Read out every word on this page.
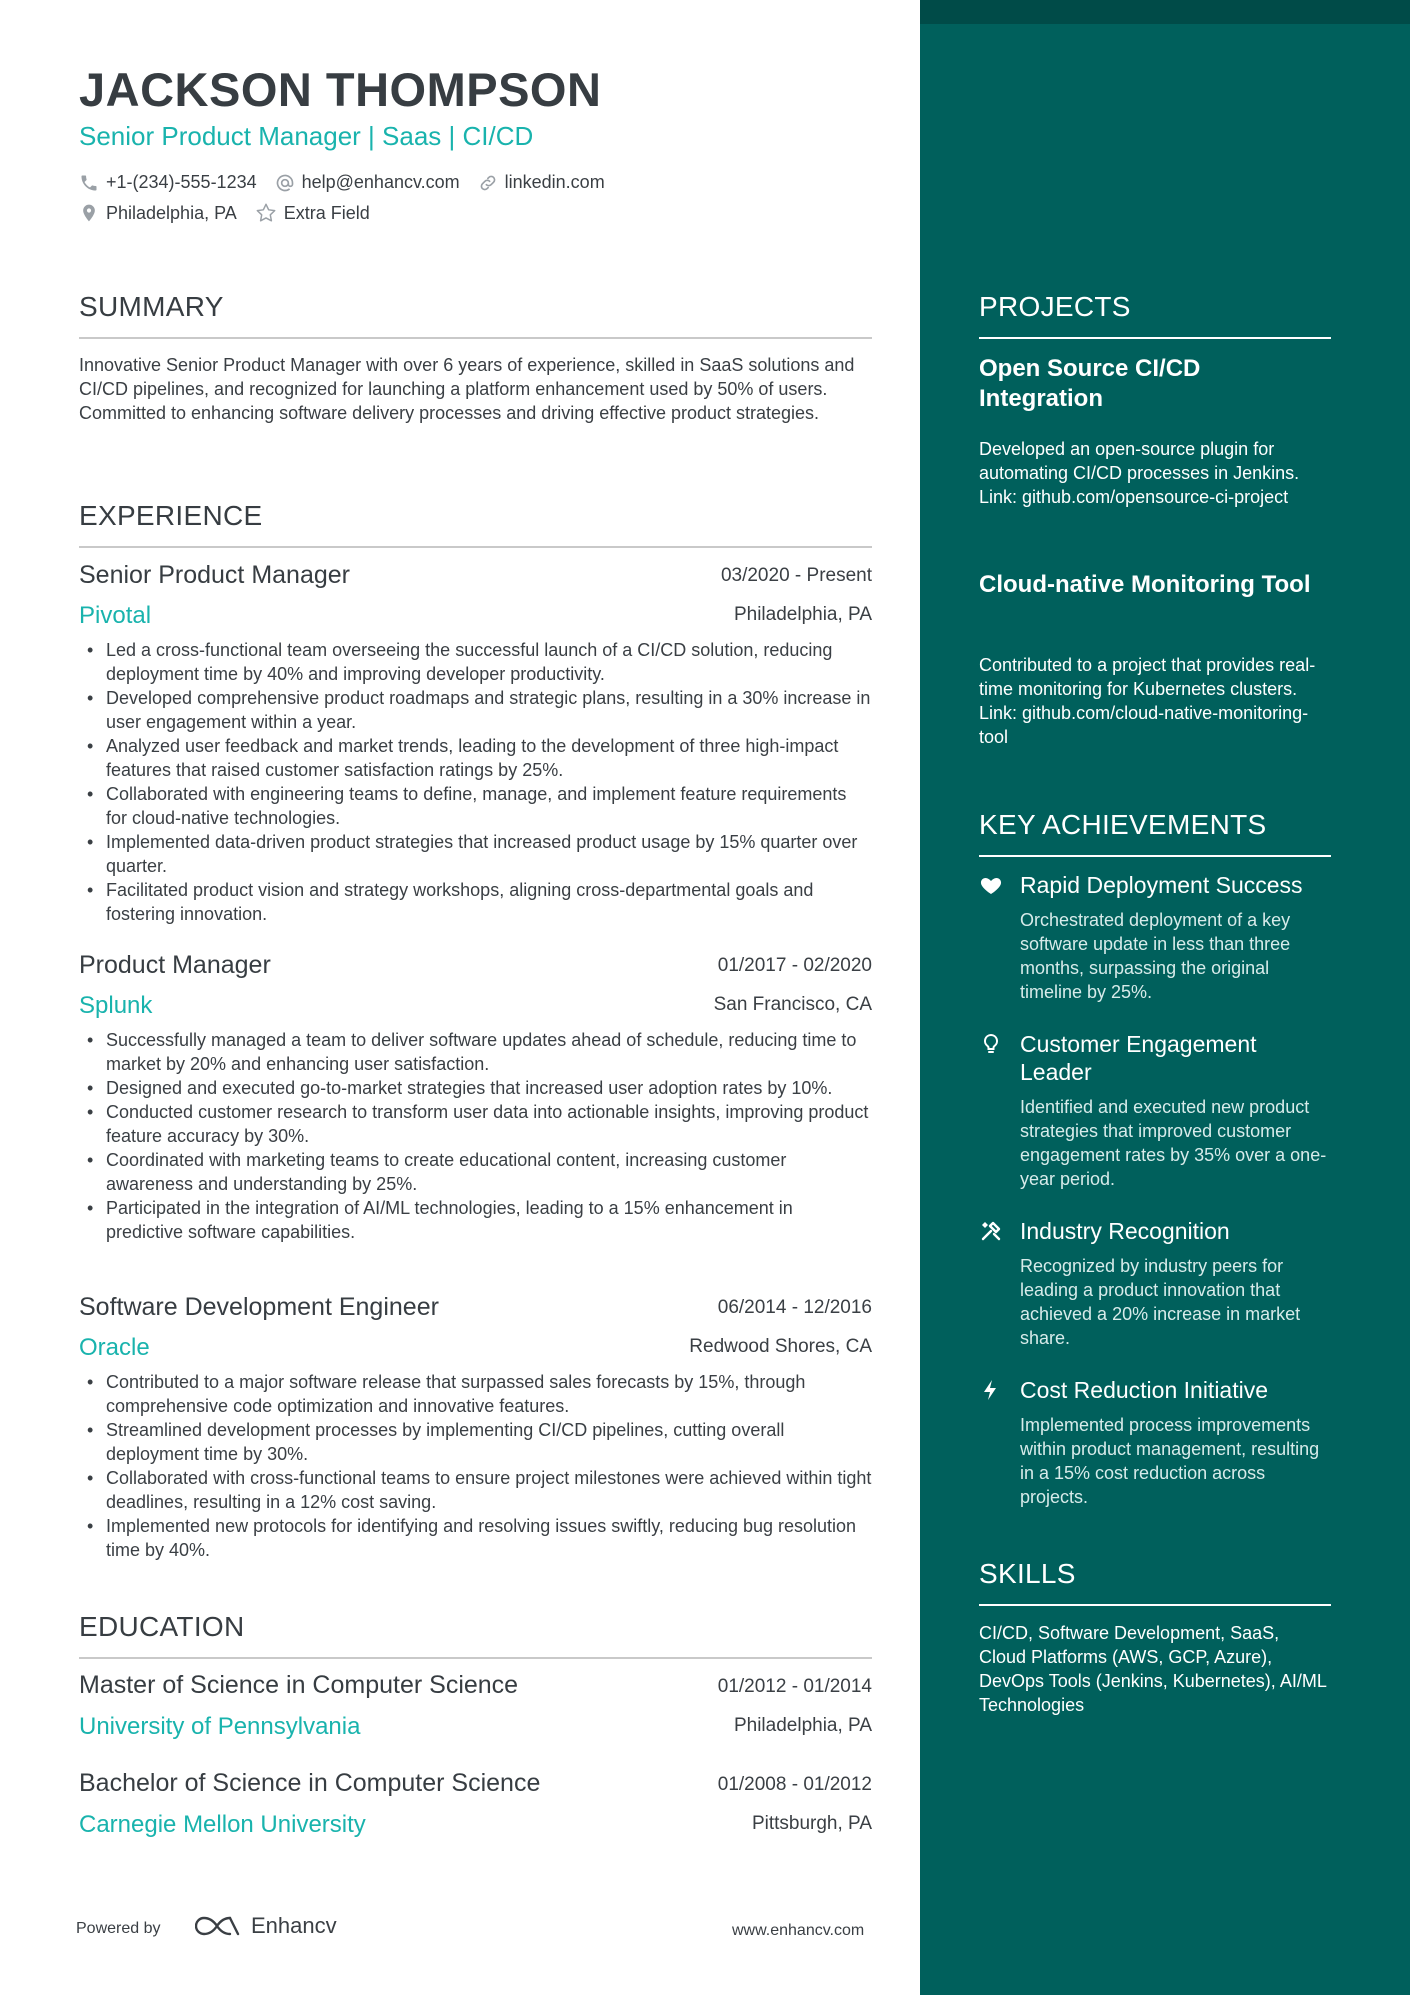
JACKSON THOMPSON
Senior Product Manager | Saas | CI/CD
+1-(234)-555-1234	help@enhancv.com	linkedin.com
Philadelphia, PA	Extra Field
SUMMARY
Innovative Senior Product Manager with over 6 years of experience, skilled in SaaS solutions and CI/CD pipelines, and recognized for launching a platform enhancement used by 50% of users. Committed to enhancing software delivery processes and driving effective product strategies.
EXPERIENCE
Senior Product Manager	03/2020 - Present
Pivotal	Philadelphia, PA
• Led a cross-functional team overseeing the successful launch of a CI/CD solution, reducing deployment time by 40% and improving developer productivity.
• Developed comprehensive product roadmaps and strategic plans, resulting in a 30% increase in user engagement within a year.
• Analyzed user feedback and market trends, leading to the development of three high-impact features that raised customer satisfaction ratings by 25%.
• Collaborated with engineering teams to define, manage, and implement feature requirements for cloud-native technologies.
• Implemented data-driven product strategies that increased product usage by 15% quarter over quarter.
• Facilitated product vision and strategy workshops, aligning cross-departmental goals and fostering innovation.
Product Manager	01/2017 - 02/2020
Splunk	San Francisco, CA
• Successfully managed a team to deliver software updates ahead of schedule, reducing time to market by 20% and enhancing user satisfaction.
• Designed and executed go-to-market strategies that increased user adoption rates by 10%.
• Conducted customer research to transform user data into actionable insights, improving product feature accuracy by 30%.
• Coordinated with marketing teams to create educational content, increasing customer awareness and understanding by 25%.
• Participated in the integration of AI/ML technologies, leading to a 15% enhancement in predictive software capabilities.
Software Development Engineer	06/2014 - 12/2016
Oracle	Redwood Shores, CA
• Contributed to a major software release that surpassed sales forecasts by 15%, through comprehensive code optimization and innovative features.
• Streamlined development processes by implementing CI/CD pipelines, cutting overall deployment time by 30%.
• Collaborated with cross-functional teams to ensure project milestones were achieved within tight deadlines, resulting in a 12% cost saving.
• Implemented new protocols for identifying and resolving issues swiftly, reducing bug resolution time by 40%.
EDUCATION
Master of Science in Computer Science	01/2012 - 01/2014
University of Pennsylvania	Philadelphia, PA
Bachelor of Science in Computer Science	01/2008 - 01/2012
Carnegie Mellon University	Pittsburgh, PA
Powered by	Enhancv	www.enhancv.com
PROJECTS
Open Source CI/CD Integration
Developed an open-source plugin for automating CI/CD processes in Jenkins. Link: github.com/opensource-ci-project
Cloud-native Monitoring Tool
Contributed to a project that provides real-time monitoring for Kubernetes clusters. Link: github.com/cloud-native-monitoring-tool
KEY ACHIEVEMENTS
Rapid Deployment Success
Orchestrated deployment of a key software update in less than three months, surpassing the original timeline by 25%.
Customer Engagement Leader
Identified and executed new product strategies that improved customer engagement rates by 35% over a one-year period.
Industry Recognition
Recognized by industry peers for leading a product innovation that achieved a 20% increase in market share.
Cost Reduction Initiative
Implemented process improvements within product management, resulting in a 15% cost reduction across projects.
SKILLS
CI/CD, Software Development, SaaS, Cloud Platforms (AWS, GCP, Azure), DevOps Tools (Jenkins, Kubernetes), AI/ML Technologies
